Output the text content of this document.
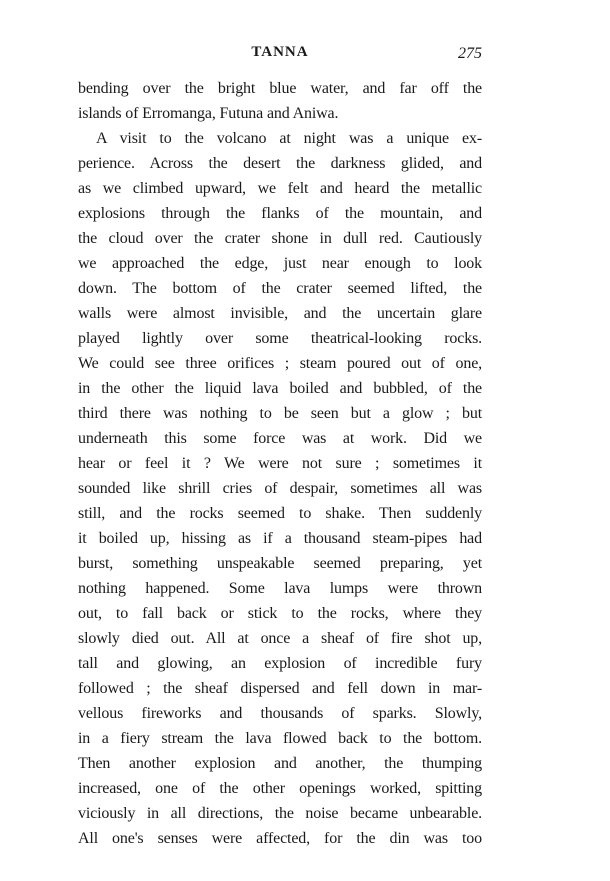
TANNA	275
bending over the bright blue water, and far off the
islands of Erromanga, Futuna and Aniwa.
A visit to the volcano at night was a unique ex-
perience. Across the desert the darkness glided, and
as we climbed upward, we felt and heard the metallic
explosions through the flanks of the mountain, and
the cloud over the crater shone in dull red. Cautiously
we approached the edge, just near enough to look
down. The bottom of the crater seemed lifted, the
walls were almost invisible, and the uncertain glare
played lightly over some theatrical-looking rocks.
We could see three orifices ; steam poured out of one,
in the other the liquid lava boiled and bubbled, of the
third there was nothing to be seen but a glow ; but
underneath this some force was at work. Did we
hear or feel it ? We were not sure ; sometimes it
sounded like shrill cries of despair, sometimes all was
still, and the rocks seemed to shake. Then suddenly
it boiled up, hissing as if a thousand steam-pipes had
burst, something unspeakable seemed preparing, yet
nothing happened. Some lava lumps were thrown
out, to fall back or stick to the rocks, where they
slowly died out. All at once a sheaf of fire shot up,
tall and glowing, an explosion of incredible fury
followed ; the sheaf dispersed and fell down in mar-
vellous fireworks and thousands of sparks. Slowly,
in a fiery stream the lava flowed back to the bottom.
Then another explosion and another, the thumping
increased, one of the other openings worked, spitting
viciously in all directions, the noise became unbearable.
All one's senses were affected, for the din was too
